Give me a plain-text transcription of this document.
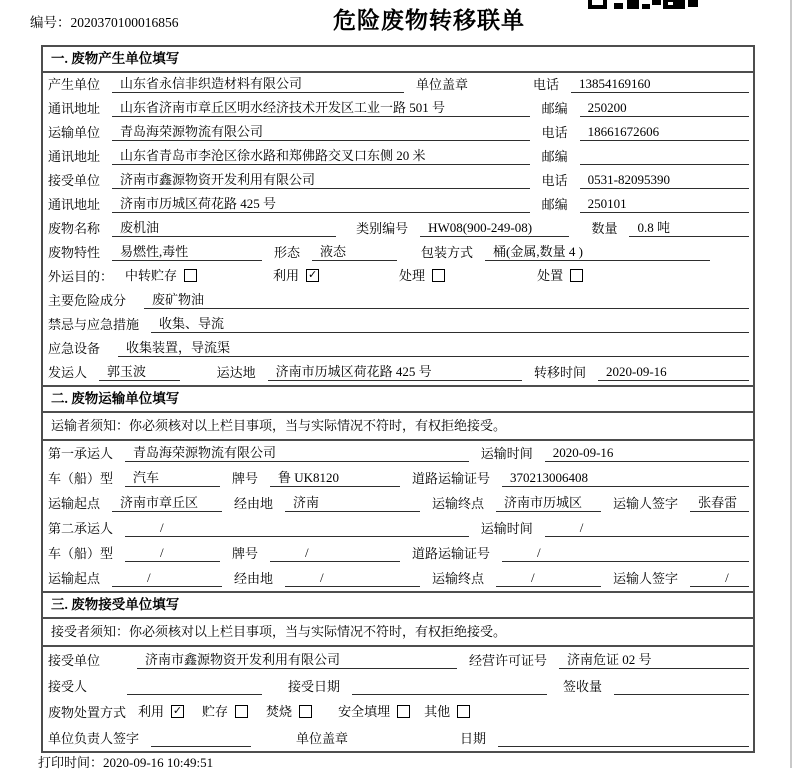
编号：2020370100016856	危险废物转移联单
一. 废物产生单位填写
产生单位	山东省永信非织造材料有限公司	单位盖章	电话	13854169160
通讯地址	山东省济南市章丘区明水经济技术开发区工业一路 501 号	邮编	250200
运输单位	青岛海荣源物流有限公司	电话	18661672606
通讯地址	山东省青岛市李沧区徐水路和郑佛路交叉口东侧 20 米	邮编
接受单位	济南市鑫源物资开发利用有限公司	电话	0531-82095390
通讯地址	济南市历城区荷花路 425 号	邮编	250101
废物名称	废机油	类别编号	HW08(900-249-08)	数量	0.8 吨
废物特性	易燃性,毒性	形态	液态	包装方式	桶(金属,数量 4 )
外运目的： 中转贮存	利用 ✓	处理	处置
主要危险成分	废矿物油
禁忌与应急措施	收集、导流
应急设备	收集装置，导流渠
发运人	郭玉波	运达地	济南市历城区荷花路 425 号	转移时间	2020-09-16
二. 废物运输单位填写
运输者须知：你必须核对以上栏目事项，当与实际情况不符时，有权拒绝接受。
第一承运人	青岛海荣源物流有限公司	运输时间	2020-09-16
车（船）型	汽车	牌号	鲁 UK8120	道路运输证号	370213006408
运输起点	济南市章丘区	经由地	济南	运输终点	济南市历城区	运输人签字	张春雷
第二承运人	/	运输时间	/
车（船）型	/	牌号	/	道路运输证号	/
运输起点	/	经由地	/	运输终点	/	运输人签字	/
三. 废物接受单位填写
接受者须知：你必须核对以上栏目事项，当与实际情况不符时，有权拒绝接受。
接受单位	济南市鑫源物资开发利用有限公司	经营许可证号	济南危证 02 号
接受人	接受日期	签收量
废物处置方式 利用 ✓ 贮存	焚烧	安全填埋	其他
单位负责人签字	单位盖章	日期
打印时间：2020-09-16 10:49:51
